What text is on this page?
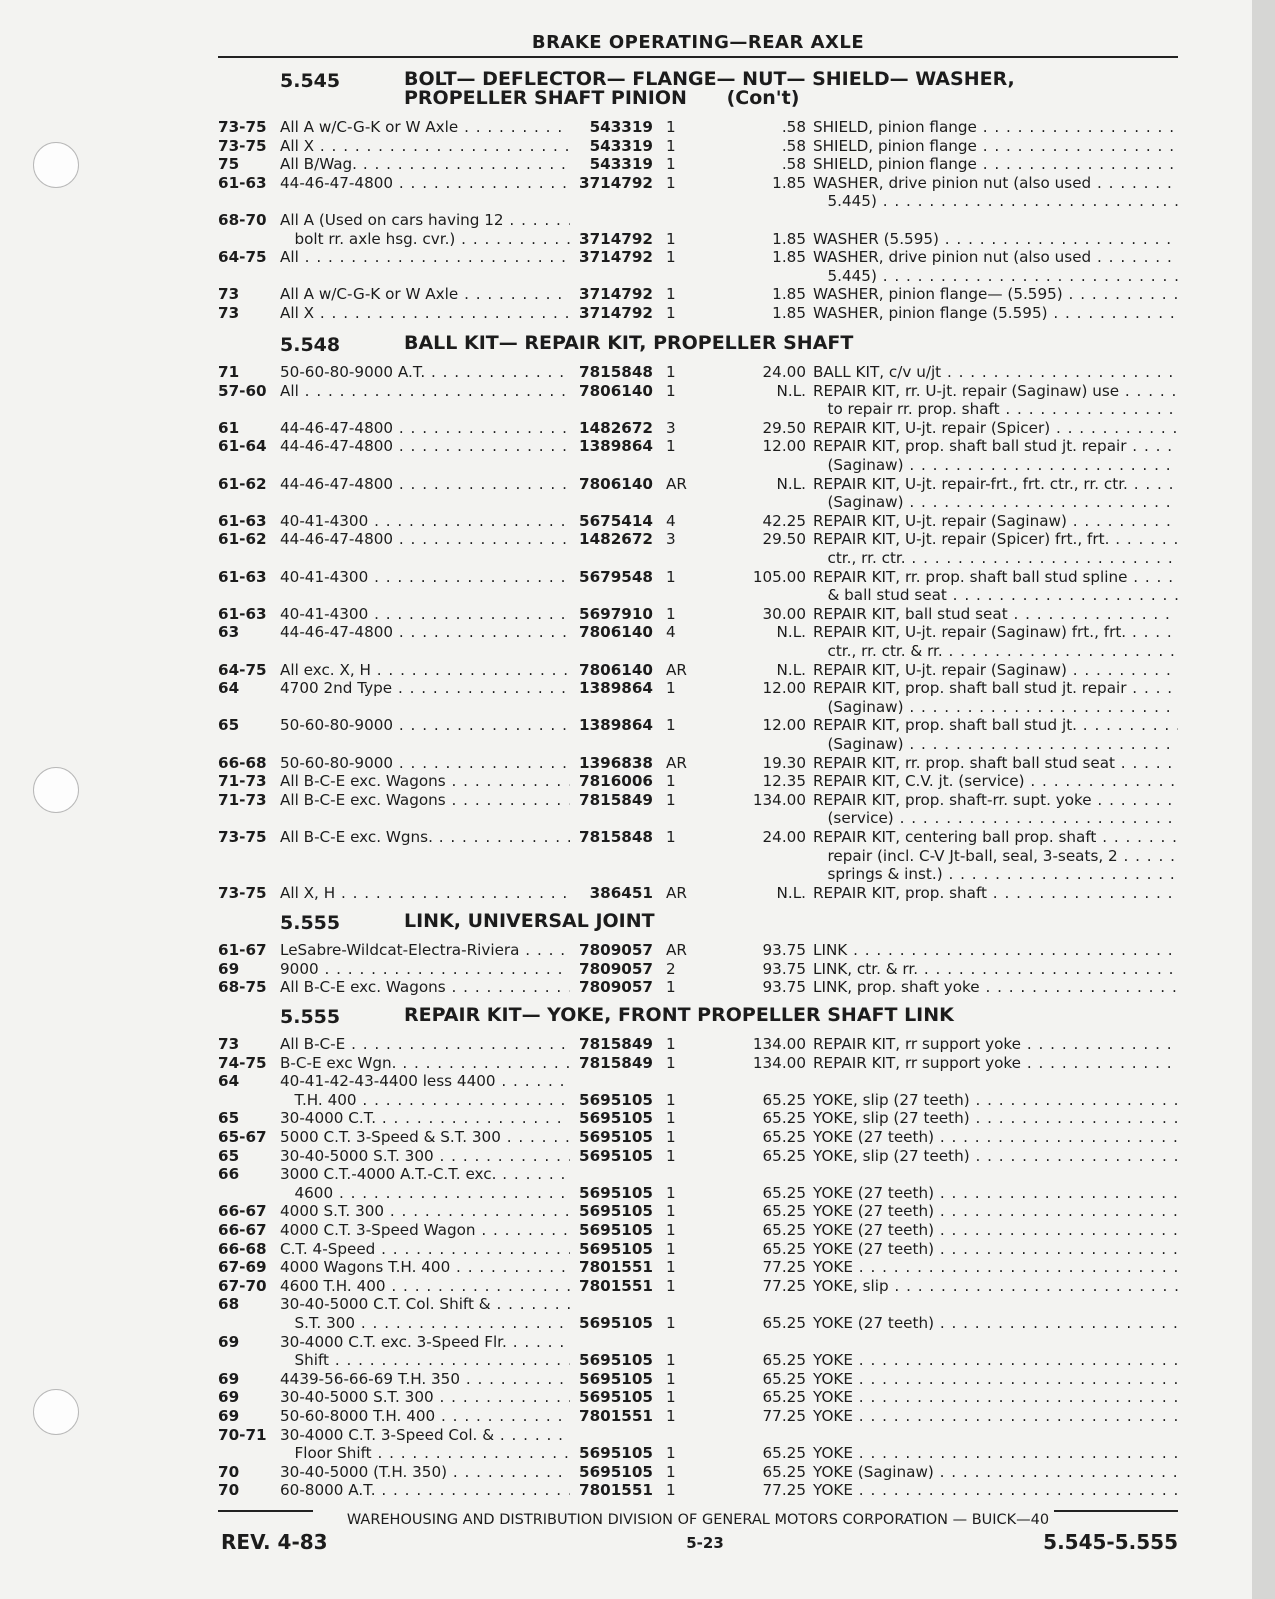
BRAKE OPERATING—REAR AXLE
5.545	BOLT— DEFLECTOR— FLANGE— NUT— SHIELD— WASHER,
PROPELLER SHAFT PINION      (Con't)
73-75 All A w/C-G-K or W Axle . . .	543319 1	.58 SHIELD, pinion flange . . .
73-75 All X . . .	543319 1	.58 SHIELD, pinion flange . . .
75	All B/Wag. . . .	543319 1	.58 SHIELD, pinion flange . . .
61-63 44-46-47-4800 . . .	3714792 1	1.85 WASHER, drive pinion nut (also used . . .
5.445) . . .
68-70 All A (Used on cars having 12 . . .
bolt rr. axle hsg. cvr.) . . .	3714792 1	1.85 WASHER (5.595) . . .
64-75 All . . .	3714792 1	1.85 WASHER, drive pinion nut (also used . . .
5.445) . . .
73	All A w/C-G-K or W Axle . . .	3714792 1	1.85 WASHER, pinion flange— (5.595) . . .
73	All X . . .	3714792 1	1.85 WASHER, pinion flange (5.595) . . .
5.548	BALL KIT— REPAIR KIT, PROPELLER SHAFT
71	50-60-80-9000 A.T. . . .	7815848 1	24.00 BALL KIT, c/v u/jt . . .
57-60 All . . .	7806140 1	N.L. REPAIR KIT, rr. U-jt. repair (Saginaw) use . . .
to repair rr. prop. shaft . . .
61	44-46-47-4800 . . .	1482672 3	29.50 REPAIR KIT, U-jt. repair (Spicer) . . .
61-64 44-46-47-4800 . . .	1389864 1	12.00 REPAIR KIT, prop. shaft ball stud jt. repair . . .
(Saginaw) . . .
61-62 44-46-47-4800 . . .	7806140 AR	N.L. REPAIR KIT, U-jt. repair-frt., frt. ctr., rr. ctr. . . .
(Saginaw) . . .
61-63 40-41-4300 . . .	5675414 4	42.25 REPAIR KIT, U-jt. repair (Saginaw) . . .
61-62 44-46-47-4800 . . .	1482672 3	29.50 REPAIR KIT, U-jt. repair (Spicer) frt., frt. . . .
ctr., rr. ctr. . . .
61-63 40-41-4300 . . .	5679548 1	105.00 REPAIR KIT, rr. prop. shaft ball stud spline . . .
& ball stud seat . . .
61-63 40-41-4300 . . .	5697910 1	30.00 REPAIR KIT, ball stud seat . . .
63	44-46-47-4800 . . .	7806140 4	N.L. REPAIR KIT, U-jt. repair (Saginaw) frt., frt. . . .
ctr., rr. ctr. & rr. . . .
64-75 All exc. X, H . . .	7806140 AR	N.L. REPAIR KIT, U-jt. repair (Saginaw) . . .
64	4700 2nd Type . . .	1389864 1	12.00 REPAIR KIT, prop. shaft ball stud jt. repair . . .
(Saginaw) . . .
65	50-60-80-9000 . . .	1389864 1	12.00 REPAIR KIT, prop. shaft ball stud jt. . . .
(Saginaw) . . .
66-68 50-60-80-9000 . . .	1396838 AR	19.30 REPAIR KIT, rr. prop. shaft ball stud seat . . .
71-73 All B-C-E exc. Wagons . . .	7816006 1	12.35 REPAIR KIT, C.V. jt. (service) . . .
71-73 All B-C-E exc. Wagons . . .	7815849 1	134.00 REPAIR KIT, prop. shaft-rr. supt. yoke . . .
(service) . . .
73-75 All B-C-E exc. Wgns. . . .	7815848 1	24.00 REPAIR KIT, centering ball prop. shaft . . .
repair (incl. C-V Jt-ball, seal, 3-seats, 2 . . .
springs & inst.) . . .
73-75 All X, H . . .	386451 AR	N.L. REPAIR KIT, prop. shaft . . .
5.555	LINK, UNIVERSAL JOINT
61-67 LeSabre-Wildcat-Electra-Riviera . . .	7809057 AR	93.75 LINK . . .
69	9000 . . .	7809057 2	93.75 LINK, ctr. & rr. . . .
68-75 All B-C-E exc. Wagons . . .	7809057 1	93.75 LINK, prop. shaft yoke . . .
5.555	REPAIR KIT— YOKE, FRONT PROPELLER SHAFT LINK
73	All B-C-E . . .	7815849 1	134.00 REPAIR KIT, rr support yoke . . .
74-75 B-C-E exc Wgn. . . .	7815849 1	134.00 REPAIR KIT, rr support yoke . . .
64	40-41-42-43-4400 less 4400 . . .
T.H. 400 . . .	5695105 1	65.25 YOKE, slip (27 teeth) . . .
65	30-4000 C.T. . . .	5695105 1	65.25 YOKE, slip (27 teeth) . . .
65-67 5000 C.T. 3-Speed & S.T. 300 . . .	5695105 1	65.25 YOKE (27 teeth) . . .
65	30-40-5000 S.T. 300 . . .	5695105 1	65.25 YOKE, slip (27 teeth) . . .
66	3000 C.T.-4000 A.T.-C.T. exc. . . .
4600 . . .	5695105 1	65.25 YOKE (27 teeth) . . .
66-67 4000 S.T. 300 . . .	5695105 1	65.25 YOKE (27 teeth) . . .
66-67 4000 C.T. 3-Speed Wagon . . .	5695105 1	65.25 YOKE (27 teeth) . . .
66-68 C.T. 4-Speed . . .	5695105 1	65.25 YOKE (27 teeth) . . .
67-69 4000 Wagons T.H. 400 . . .	7801551 1	77.25 YOKE . . .
67-70 4600 T.H. 400 . . .	7801551 1	77.25 YOKE, slip . . .
68	30-40-5000 C.T. Col. Shift & . . .
S.T. 300 . . .	5695105 1	65.25 YOKE (27 teeth) . . .
69	30-4000 C.T. exc. 3-Speed Flr. . . .
Shift . . .	5695105 1	65.25 YOKE . . .
69	4439-56-66-69 T.H. 350 . . .	5695105 1	65.25 YOKE . . .
69	30-40-5000 S.T. 300 . . .	5695105 1	65.25 YOKE . . .
69	50-60-8000 T.H. 400 . . .	7801551 1	77.25 YOKE . . .
70-71 30-4000 C.T. 3-Speed Col. & . . .
Floor Shift . . .	5695105 1	65.25 YOKE . . .
70	30-40-5000 (T.H. 350) . . .	5695105 1	65.25 YOKE (Saginaw) . . .
70	60-8000 A.T. . . .	7801551 1	77.25 YOKE . . .
WAREHOUSING AND DISTRIBUTION DIVISION OF GENERAL MOTORS CORPORATION — BUICK—40
REV. 4-83	5-23	5.545-5.555
